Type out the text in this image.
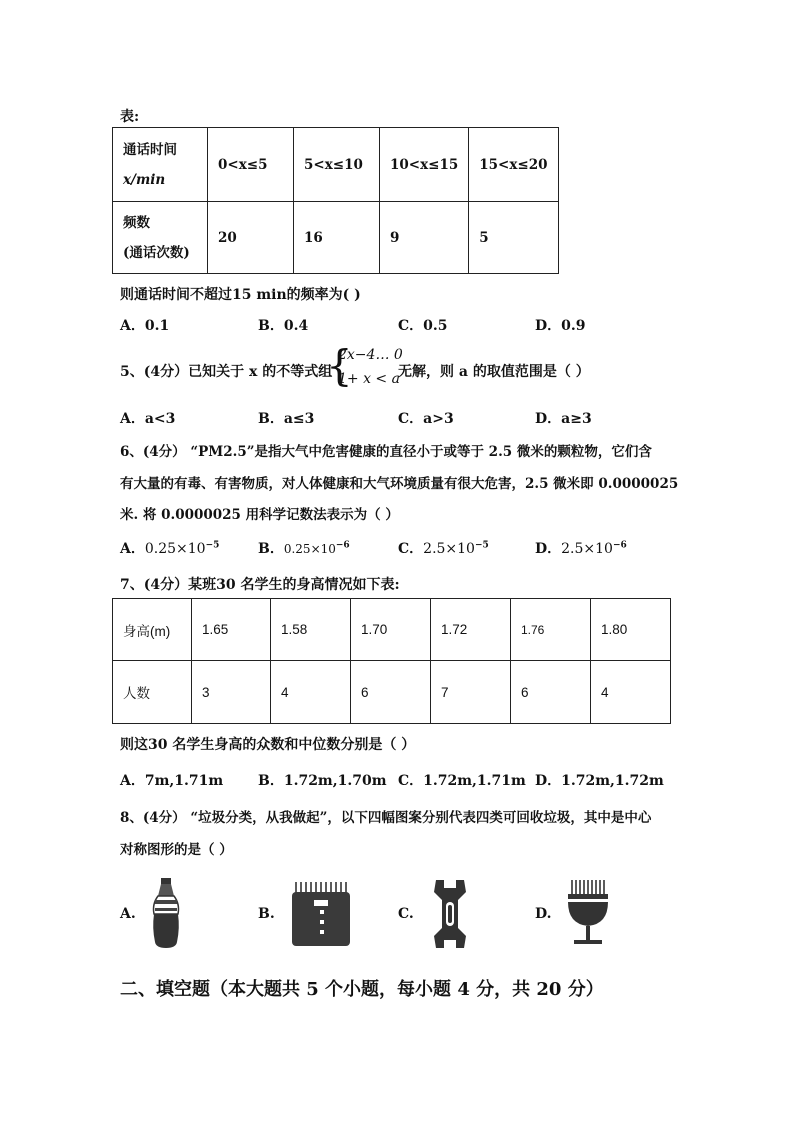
表:
通话时间
x/min	0<x≤5	5<x≤10	10<x≤15	15<x≤20

频数
(通话次数)	20	16	9	5
则通话时间不超过15 min的频率为( )
A．0.1	B．0.4	C．0.5	D．0.9
5、(4分）已知关于 x 的不等式组
{
2x−4… 0
1+ x < a
无解，则 a 的取值范围是（ ）
A．a<3	B．a≤3	C．a>3	D．a≥3
6、(4分） “PM2.5”是指大气中危害健康的直径小于或等于 2.5 微米的颗粒物，它们含
有大量的有毒、有害物质，对人体健康和大气环境质量有很大危害，2.5 微米即 0.0000025
米. 将 0.0000025 用科学记数法表示为（ ）
A．$0.25\times 10^{-5}$	B．$0.25\times 10^{-6}$	C．$2.5\times 10^{-5}$	D．$2.5\times 10^{-6}$
7、(4分）某班30 名学生的身高情况如下表:
身高(m)	1.65	1.58	1.70	1.72	1.76	1.80
人数	3	4	6	7	6	4
则这30 名学生身高的众数和中位数分别是（ ）
A．7m,1.71m B．1.72m,1.70m C．1.72m,1.71m D．1.72m,1.72m
8、(4分） “垃圾分类，从我做起”，以下四幅图案分别代表四类可回收垃圾，其中是中心
对称图形的是（ ）
A.	B.	C.	D.
二、填空题（本大题共 5 个小题，每小题 4 分，共 20 分）
